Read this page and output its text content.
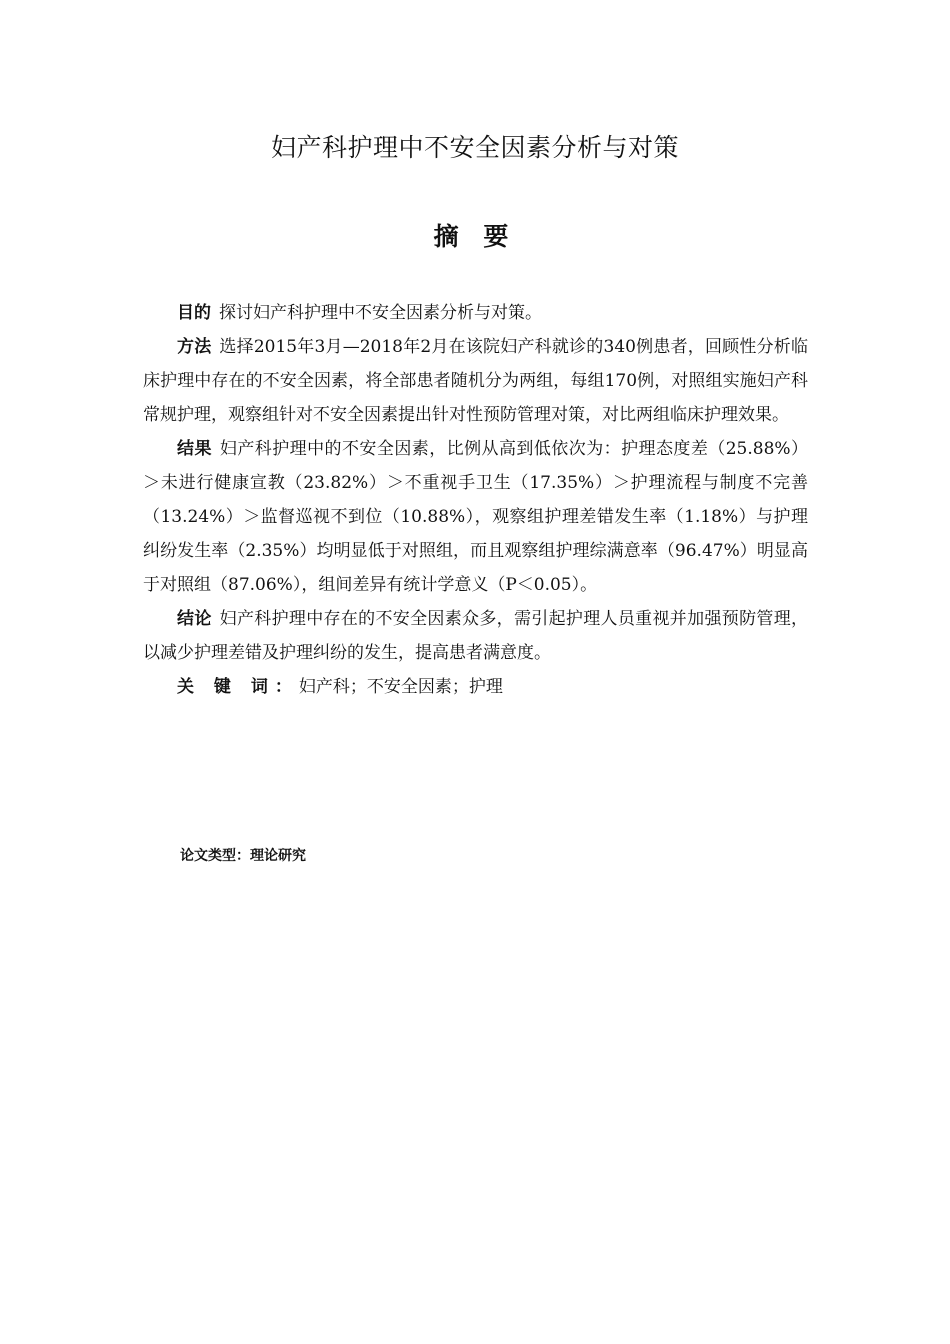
妇产科护理中不安全因素分析与对策
摘 要

目的 探讨妇产科护理中不安全因素分析与对策。

方法 选择2015年3月—2018年2月在该院妇产科就诊的340例患者，回顾性分析临床护理中存在的不安全因素，将全部患者随机分为两组，每组170例，对照组实施妇产科常规护理，观察组针对不安全因素提出针对性预防管理对策，对比两组临床护理效果。

结果 妇产科护理中的不安全因素，比例从高到低依次为：护理态度差（25.88%）＞未进行健康宣教（23.82%）＞不重视手卫生（17.35%）＞护理流程与制度不完善（13.24%）＞监督巡视不到位（10.88%），观察组护理差错发生率（1.18%）与护理纠纷发生率（2.35%）均明显低于对照组，而且观察组护理综满意率（96.47%）明显高于对照组（87.06%），组间差异有统计学意义（P＜0.05）。

结论 妇产科护理中存在的不安全因素众多，需引起护理人员重视并加强预防管理，以减少护理差错及护理纠纷的发生，提高患者满意度。

关 键 词：妇产科；不安全因素；护理

论文类型：理论研究
